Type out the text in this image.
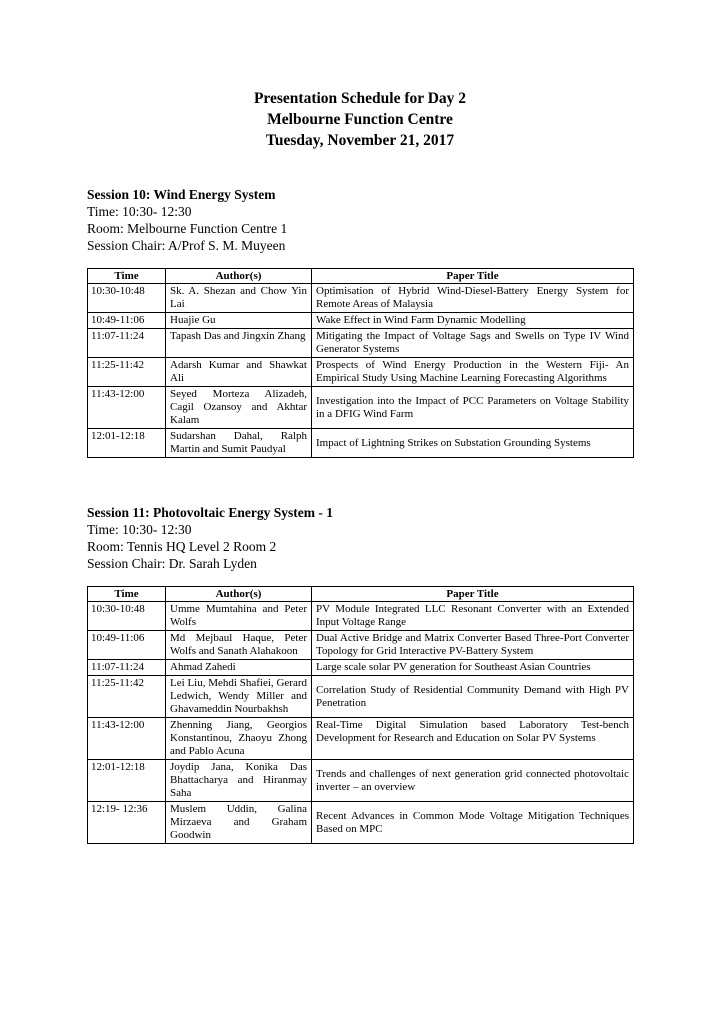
Presentation Schedule for Day 2
Melbourne Function Centre
Tuesday, November 21, 2017
Session 10: Wind Energy System
Time: 10:30- 12:30
Room: Melbourne Function Centre 1
Session Chair: A/Prof S. M. Muyeen
Time	Author(s)	Paper Title
10:30-10:48	Sk. A. Shezan and Chow Yin Lai	Optimisation of Hybrid Wind-Diesel-Battery Energy System for Remote Areas of Malaysia
10:49-11:06	Huajie Gu	Wake Effect in Wind Farm Dynamic Modelling
11:07-11:24	Tapash Das and Jingxin Zhang	Mitigating the Impact of Voltage Sags and Swells on Type IV Wind Generator Systems
11:25-11:42	Adarsh Kumar and Shawkat Ali	Prospects of Wind Energy Production in the Western Fiji- An Empirical Study Using Machine Learning Forecasting Algorithms
11:43-12:00	Seyed Morteza Alizadeh, Cagil Ozansoy and Akhtar Kalam	Investigation into the Impact of PCC Parameters on Voltage Stability in a DFIG Wind Farm
12:01-12:18	Sudarshan Dahal, Ralph Martin and Sumit Paudyal	Impact of Lightning Strikes on Substation Grounding Systems
Session 11: Photovoltaic Energy System - 1
Time: 10:30- 12:30
Room: Tennis HQ Level 2 Room 2
Session Chair: Dr. Sarah Lyden
Time	Author(s)	Paper Title
10:30-10:48	Umme Mumtahina and Peter Wolfs	PV Module Integrated LLC Resonant Converter with an Extended Input Voltage Range
10:49-11:06	Md Mejbaul Haque, Peter Wolfs and Sanath Alahakoon	Dual Active Bridge and Matrix Converter Based Three-Port Converter Topology for Grid Interactive PV-Battery System
11:07-11:24	Ahmad Zahedi	Large scale solar PV generation for Southeast Asian Countries
11:25-11:42	Lei Liu, Mehdi Shafiei, Gerard Ledwich, Wendy Miller and Ghavameddin Nourbakhsh	Correlation Study of Residential Community Demand with High PV Penetration
11:43-12:00	Zhenning Jiang, Georgios Konstantinou, Zhaoyu Zhong and Pablo Acuna	Real-Time Digital Simulation based Laboratory Test-bench Development for Research and Education on Solar PV Systems
12:01-12:18	Joydip Jana, Konika Das Bhattacharya and Hiranmay Saha	Trends and challenges of next generation grid connected photovoltaic inverter – an overview
12:19- 12:36	Muslem Uddin, Galina Mirzaeva and Graham Goodwin	Recent Advances in Common Mode Voltage Mitigation Techniques Based on MPC
